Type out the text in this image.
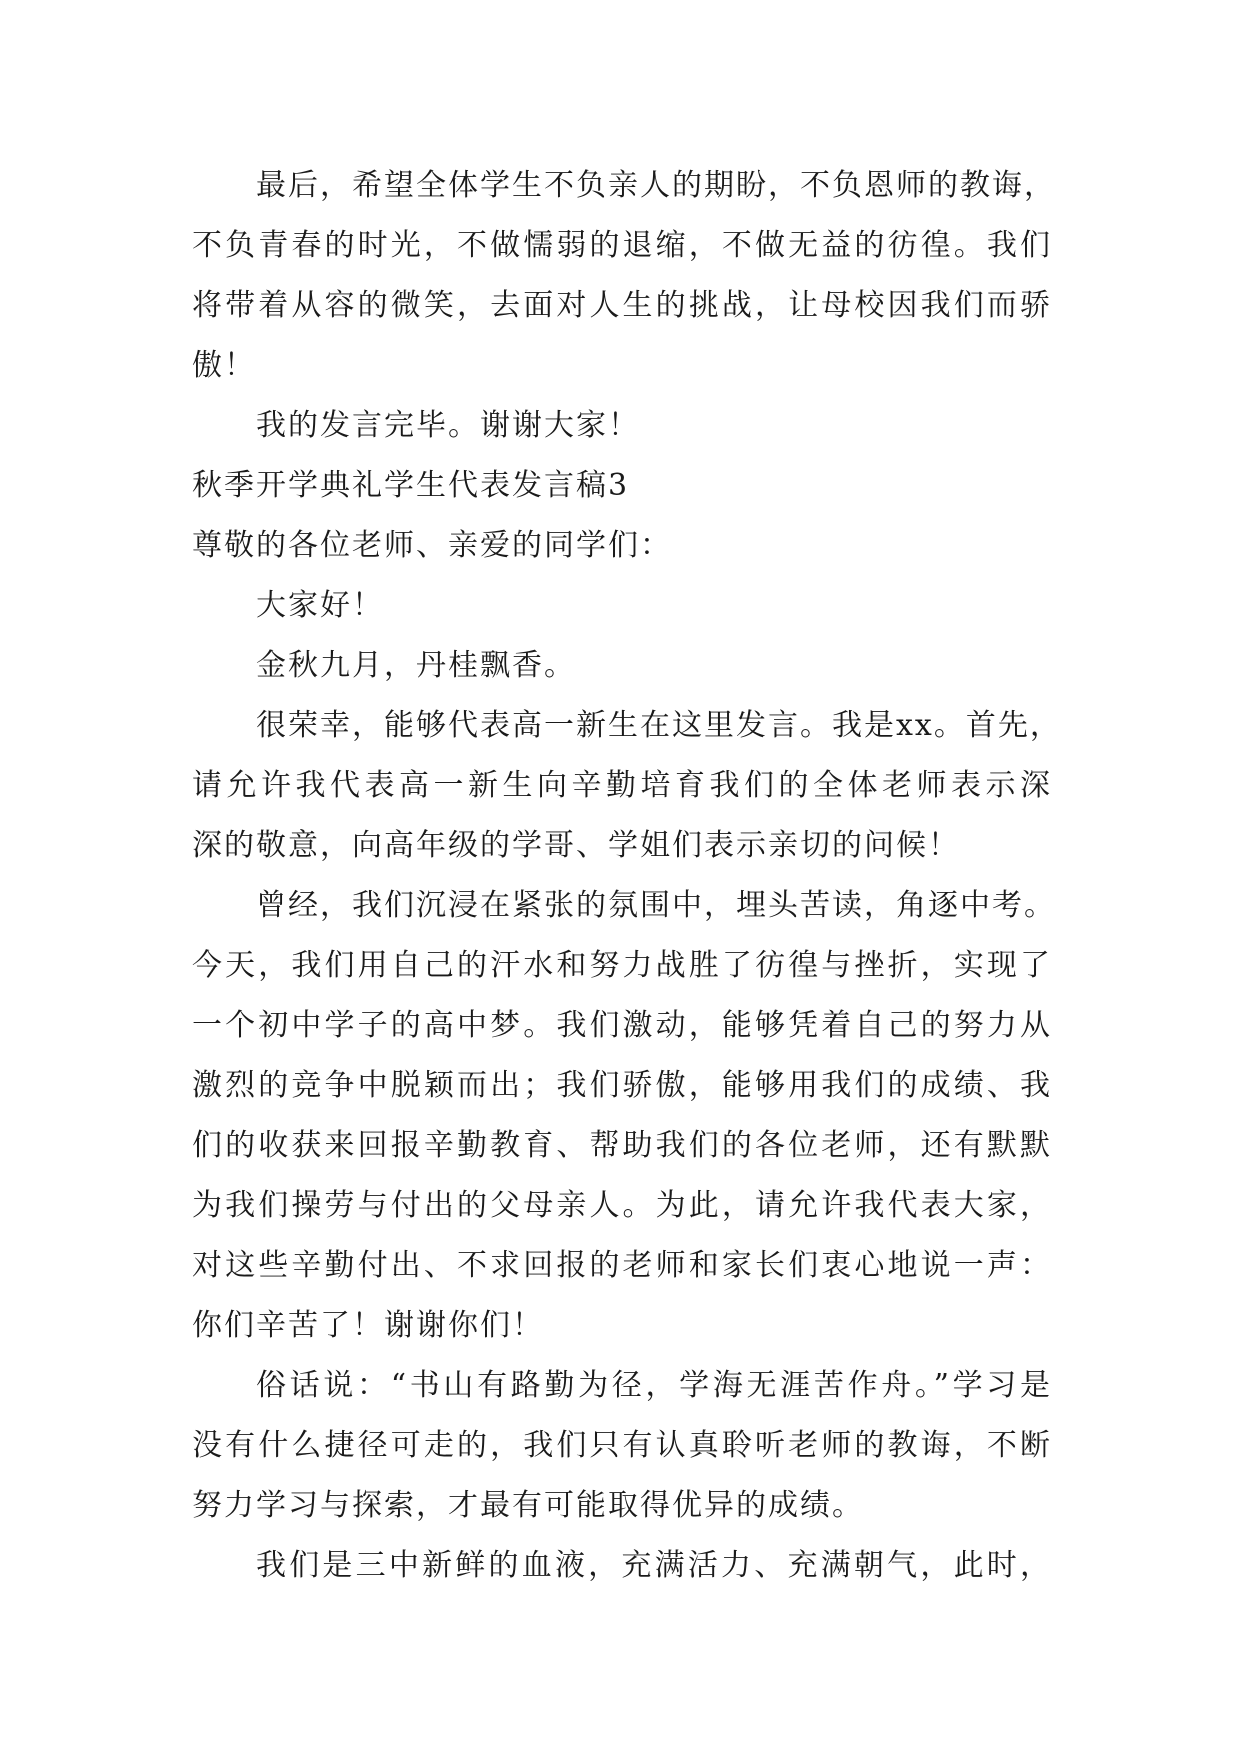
最后，希望全体学生不负亲人的期盼，不负恩师的教诲，
不负青春的时光，不做懦弱的退缩，不做无益的彷徨。我们
将带着从容的微笑，去面对人生的挑战，让母校因我们而骄
傲！
我的发言完毕。谢谢大家！
秋季开学典礼学生代表发言稿3
尊敬的各位老师、亲爱的同学们：
大家好！
金秋九月，丹桂飘香。
很荣幸，能够代表高一新生在这里发言。我是xx。首先，
请允许我代表高一新生向辛勤培育我们的全体老师表示深
深的敬意，向高年级的学哥、学姐们表示亲切的问候！
曾经，我们沉浸在紧张的氛围中，埋头苦读，角逐中考。
今天，我们用自己的汗水和努力战胜了彷徨与挫折，实现了
一个初中学子的高中梦。我们激动，能够凭着自己的努力从
激烈的竞争中脱颖而出；我们骄傲，能够用我们的成绩、我
们的收获来回报辛勤教育、帮助我们的各位老师，还有默默
为我们操劳与付出的父母亲人。为此，请允许我代表大家，
对这些辛勤付出、不求回报的老师和家长们衷心地说一声：
你们辛苦了！谢谢你们！
俗话说：“书山有路勤为径，学海无涯苦作舟。”学习是
没有什么捷径可走的，我们只有认真聆听老师的教诲，不断
努力学习与探索，才最有可能取得优异的成绩。
我们是三中新鲜的血液，充满活力、充满朝气，此时，
